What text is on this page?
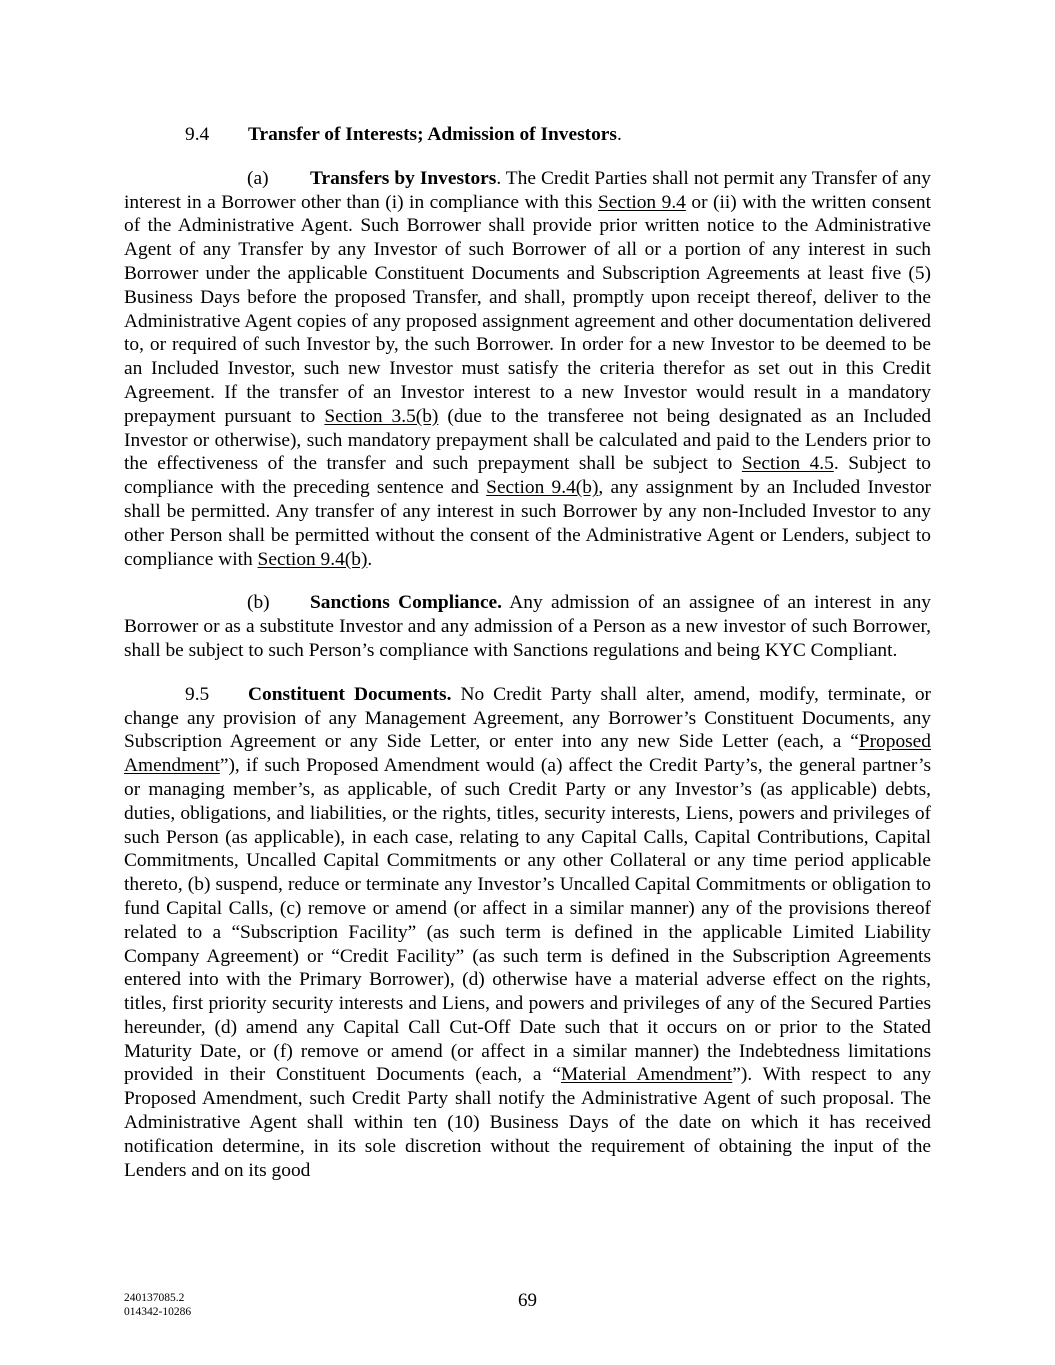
9.4 Transfer of Interests; Admission of Investors.

(a) Transfers by Investors. The Credit Parties shall not permit any Transfer of any interest in a Borrower other than (i) in compliance with this Section 9.4 or (ii) with the written consent of the Administrative Agent. Such Borrower shall provide prior written notice to the Administrative Agent of any Transfer by any Investor of such Borrower of all or a portion of any interest in such Borrower under the applicable Constituent Documents and Subscription Agreements at least five (5) Business Days before the proposed Transfer, and shall, promptly upon receipt thereof, deliver to the Administrative Agent copies of any proposed assignment agreement and other documentation delivered to, or required of such Investor by, the such Borrower. In order for a new Investor to be deemed to be an Included Investor, such new Investor must satisfy the criteria therefor as set out in this Credit Agreement. If the transfer of an Investor interest to a new Investor would result in a mandatory prepayment pursuant to Section 3.5(b) (due to the transferee not being designated as an Included Investor or otherwise), such mandatory prepayment shall be calculated and paid to the Lenders prior to the effectiveness of the transfer and such prepayment shall be subject to Section 4.5. Subject to compliance with the preceding sentence and Section 9.4(b), any assignment by an Included Investor shall be permitted. Any transfer of any interest in such Borrower by any non-Included Investor to any other Person shall be permitted without the consent of the Administrative Agent or Lenders, subject to compliance with Section 9.4(b).

(b) Sanctions Compliance. Any admission of an assignee of an interest in any Borrower or as a substitute Investor and any admission of a Person as a new investor of such Borrower, shall be subject to such Person’s compliance with Sanctions regulations and being KYC Compliant.

9.5 Constituent Documents. No Credit Party shall alter, amend, modify, terminate, or change any provision of any Management Agreement, any Borrower’s Constituent Documents, any Subscription Agreement or any Side Letter, or enter into any new Side Letter (each, a “Proposed Amendment”), if such Proposed Amendment would (a) affect the Credit Party’s, the general partner’s or managing member’s, as applicable, of such Credit Party or any Investor’s (as applicable) debts, duties, obligations, and liabilities, or the rights, titles, security interests, Liens, powers and privileges of such Person (as applicable), in each case, relating to any Capital Calls, Capital Contributions, Capital Commitments, Uncalled Capital Commitments or any other Collateral or any time period applicable thereto, (b) suspend, reduce or terminate any Investor’s Uncalled Capital Commitments or obligation to fund Capital Calls, (c) remove or amend (or affect in a similar manner) any of the provisions thereof related to a “Subscription Facility” (as such term is defined in the applicable Limited Liability Company Agreement) or “Credit Facility” (as such term is defined in the Subscription Agreements entered into with the Primary Borrower), (d) otherwise have a material adverse effect on the rights, titles, first priority security interests and Liens, and powers and privileges of any of the Secured Parties hereunder, (d) amend any Capital Call Cut-Off Date such that it occurs on or prior to the Stated Maturity Date, or (f) remove or amend (or affect in a similar manner) the Indebtedness limitations provided in their Constituent Documents (each, a “Material Amendment”). With respect to any Proposed Amendment, such Credit Party shall notify the Administrative Agent of such proposal. The Administrative Agent shall within ten (10) Business Days of the date on which it has received notification determine, in its sole discretion without the requirement of obtaining the input of the Lenders and on its good

240137085.2
014342-10286
69
